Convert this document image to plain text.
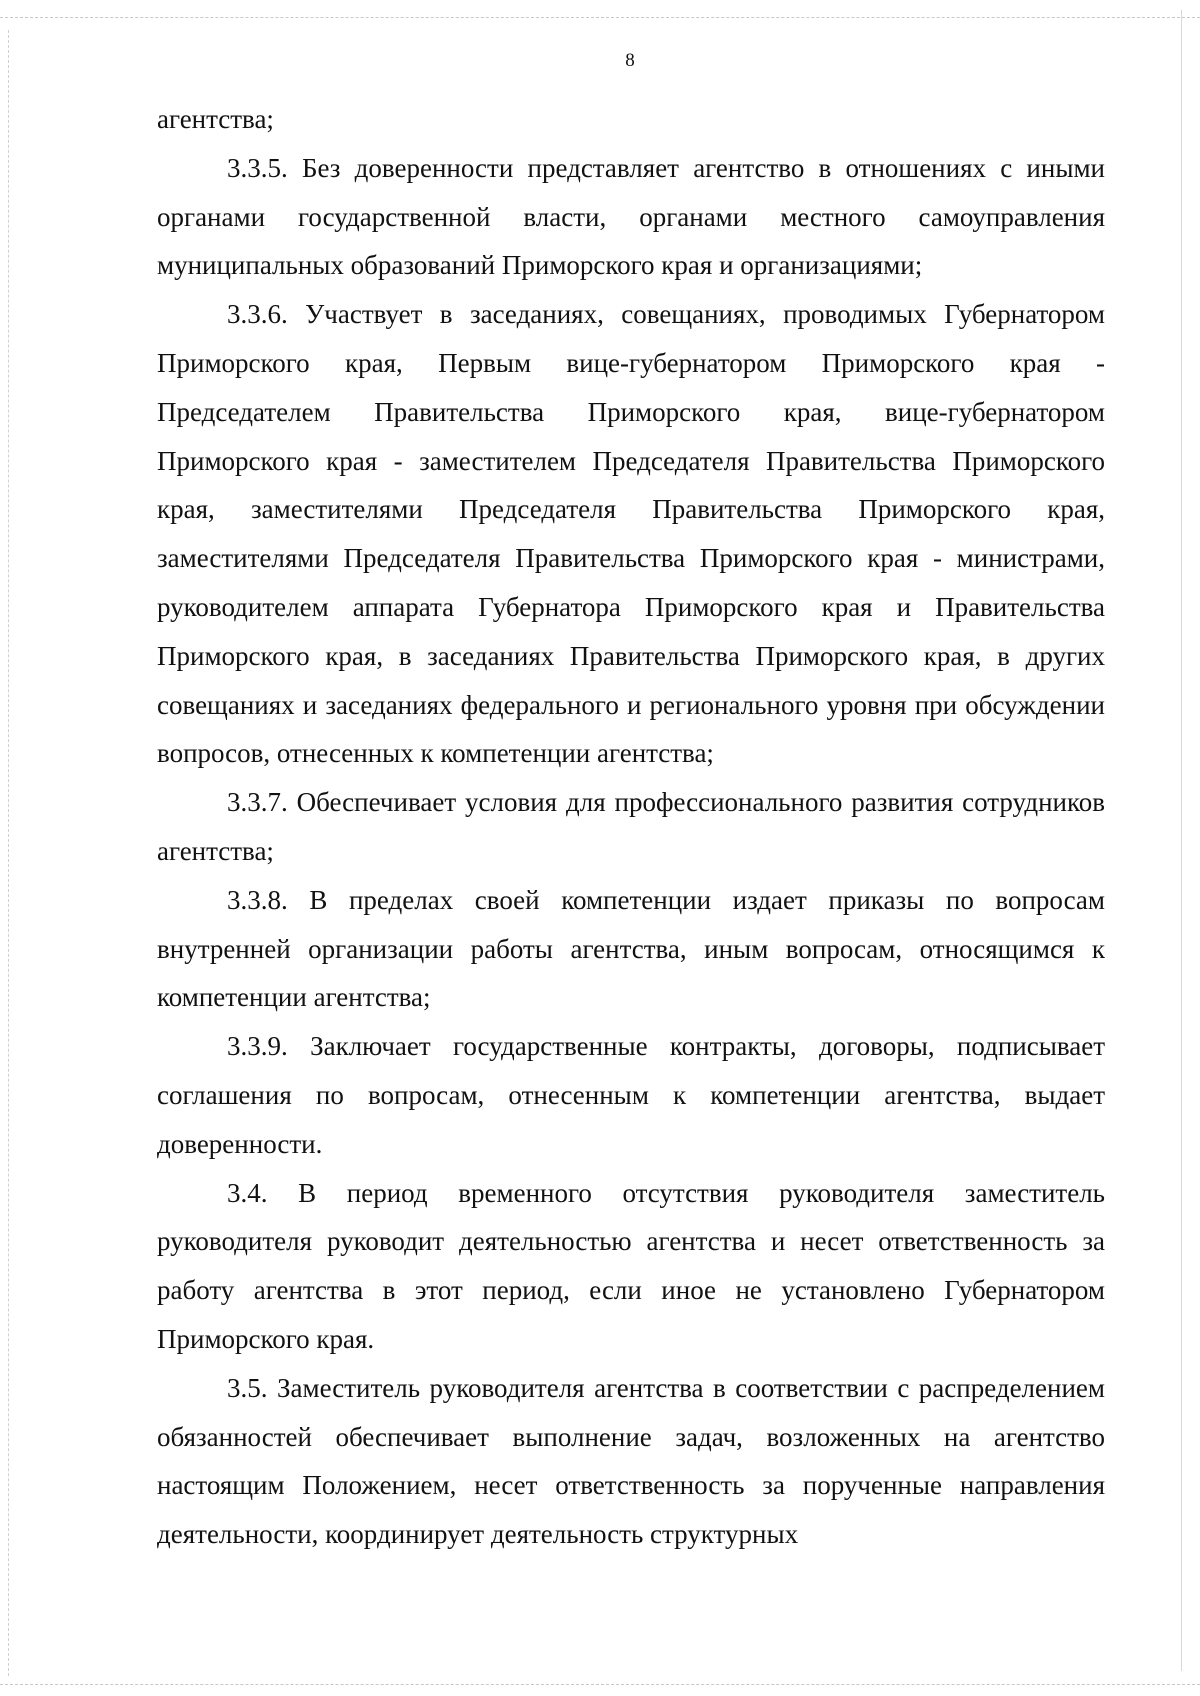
8

агентства;

3.3.5. Без доверенности представляет агентство в отношениях с иными органами государственной власти, органами местного самоуправления муниципальных образований Приморского края и организациями;

3.3.6. Участвует в заседаниях, совещаниях, проводимых Губернатором Приморского края, Первым вице-губернатором Приморского края - Председателем Правительства Приморского края, вице-губернатором Приморского края - заместителем Председателя Правительства Приморского края, заместителями Председателя Правительства Приморского края, заместителями Председателя Правительства Приморского края - министрами, руководителем аппарата Губернатора Приморского края и Правительства Приморского края, в заседаниях Правительства Приморского края, в других совещаниях и заседаниях федерального и регионального уровня при обсуждении вопросов, отнесенных к компетенции агентства;

3.3.7. Обеспечивает условия для профессионального развития сотрудников агентства;

3.3.8. В пределах своей компетенции издает приказы по вопросам внутренней организации работы агентства, иным вопросам, относящимся к компетенции агентства;

3.3.9. Заключает государственные контракты, договоры, подписывает соглашения по вопросам, отнесенным к компетенции агентства, выдает доверенности.

3.4. В период временного отсутствия руководителя заместитель руководителя руководит деятельностью агентства и несет ответственность за работу агентства в этот период, если иное не установлено Губернатором Приморского края.

3.5. Заместитель руководителя агентства в соответствии с распределением обязанностей обеспечивает выполнение задач, возложенных на агентство настоящим Положением, несет ответственность за порученные направления деятельности, координирует деятельность структурных
